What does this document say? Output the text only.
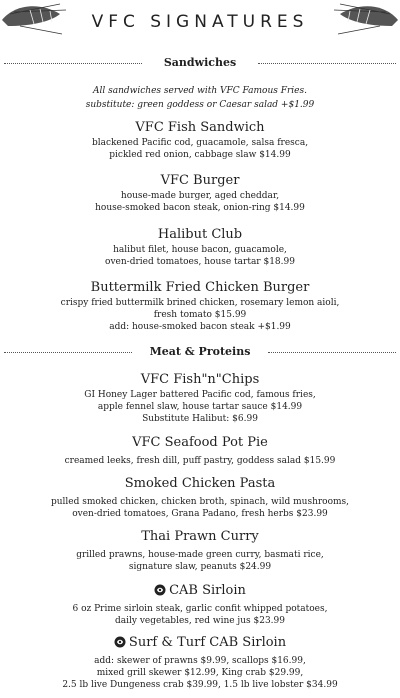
VFC SIGNATURES
Sandwiches
All sandwiches served with VFC Famous Fries.
substitute: green goddess or Caesar salad +$1.99
VFC Fish Sandwich
blackened Pacific cod, guacamole, salsa fresca,
pickled red onion, cabbage slaw $14.99
VFC Burger
house-made burger, aged cheddar,
house-smoked bacon steak, onion-ring $14.99
Halibut Club
halibut filet, house bacon, guacamole,
oven-dried tomatoes, house tartar $18.99
Buttermilk Fried Chicken Burger
crispy fried buttermilk brined chicken, rosemary lemon aioli,
fresh tomato $15.99
add: house-smoked bacon steak +$1.99
Meat & Proteins
VFC Fish"n"Chips
GI Honey Lager battered Pacific cod, famous fries,
apple fennel slaw, house tartar sauce $14.99
Substitute Halibut: $6.99
VFC Seafood Pot Pie
creamed leeks, fresh dill, puff pastry, goddess salad $15.99
Smoked Chicken Pasta
pulled smoked chicken, chicken broth, spinach, wild mushrooms,
oven-dried tomatoes, Grana Padano, fresh herbs $23.99
Thai Prawn Curry
grilled prawns, house-made green curry, basmati rice,
signature slaw, peanuts $24.99
CAB Sirloin
6 oz Prime sirloin steak, garlic confit whipped potatoes,
daily vegetables, red wine jus $23.99
Surf & Turf CAB Sirloin
add: skewer of prawns $9.99, scallops $16.99,
mixed grill skewer $12.99, King crab $29.99,
2.5 lb live Dungeness crab $39.99, 1.5 lb live lobster $34.99
